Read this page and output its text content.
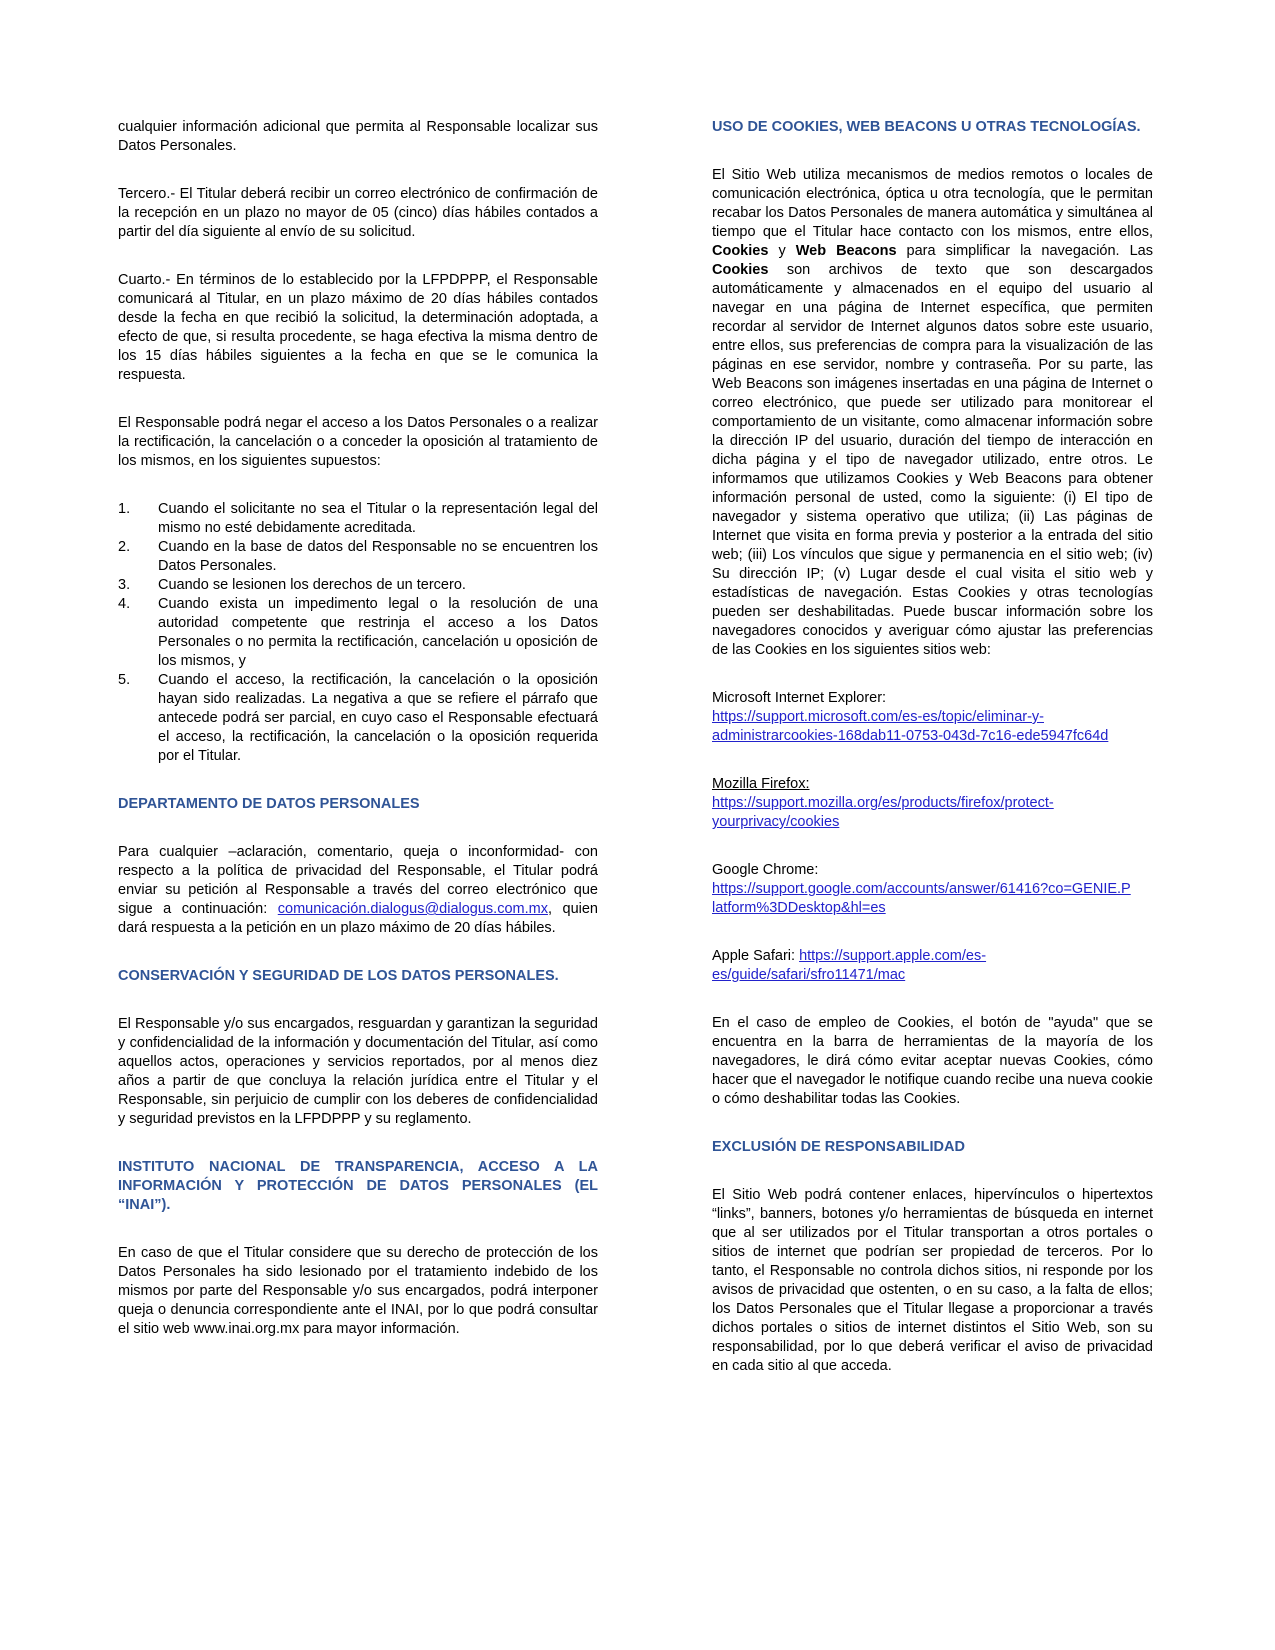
cualquier información adicional que permita al Responsable localizar sus Datos Personales.

Tercero.- El Titular deberá recibir un correo electrónico de confirmación de la recepción en un plazo no mayor de 05 (cinco) días hábiles contados a partir del día siguiente al envío de su solicitud.

Cuarto.- En términos de lo establecido por la LFPDPPP, el Responsable comunicará al Titular, en un plazo máximo de 20 días hábiles contados desde la fecha en que recibió la solicitud, la determinación adoptada, a efecto de que, si resulta procedente, se haga efectiva la misma dentro de los 15 días hábiles siguientes a la fecha en que se le comunica la respuesta.

El Responsable podrá negar el acceso a los Datos Personales o a realizar la rectificación, la cancelación o a conceder la oposición al tratamiento de los mismos, en los siguientes supuestos:

1. Cuando el solicitante no sea el Titular o la representación legal del mismo no esté debidamente acreditada.
2. Cuando en la base de datos del Responsable no se encuentren los Datos Personales.
3. Cuando se lesionen los derechos de un tercero.
4. Cuando exista un impedimento legal o la resolución de una autoridad competente que restrinja el acceso a los Datos Personales o no permita la rectificación, cancelación u oposición de los mismos, y
5. Cuando el acceso, la rectificación, la cancelación o la oposición hayan sido realizadas. La negativa a que se refiere el párrafo que antecede podrá ser parcial, en cuyo caso el Responsable efectuará el acceso, la rectificación, la cancelación o la oposición requerida por el Titular.
DEPARTAMENTO DE DATOS PERSONALES

Para cualquier –aclaración, comentario, queja o inconformidad- con respecto a la política de privacidad del Responsable, el Titular podrá enviar su petición al Responsable a través del correo electrónico que sigue a continuación: comunicación.dialogus@dialogus.com.mx, quien dará respuesta a la petición en un plazo máximo de 20 días hábiles.

CONSERVACIÓN Y SEGURIDAD DE LOS DATOS PERSONALES.

El Responsable y/o sus encargados, resguardan y garantizan la seguridad y confidencialidad de la información y documentación del Titular, así como aquellos actos, operaciones y servicios reportados, por al menos diez años a partir de que concluya la relación jurídica entre el Titular y el Responsable, sin perjuicio de cumplir con los deberes de confidencialidad y seguridad previstos en la LFPDPPP y su reglamento.

INSTITUTO NACIONAL DE TRANSPARENCIA, ACCESO A LA INFORMACIÓN Y PROTECCIÓN DE DATOS PERSONALES (EL “INAI”).

En caso de que el Titular considere que su derecho de protección de los Datos Personales ha sido lesionado por el tratamiento indebido de los mismos por parte del Responsable y/o sus encargados, podrá interponer queja o denuncia correspondiente ante el INAI, por lo que podrá consultar el sitio web www.inai.org.mx para mayor información.

USO DE COOKIES, WEB BEACONS U OTRAS TECNOLOGÍAS.

El Sitio Web utiliza mecanismos de medios remotos o locales de comunicación electrónica, óptica u otra tecnología, que le permitan recabar los Datos Personales de manera automática y simultánea al tiempo que el Titular hace contacto con los mismos, entre ellos, Cookies y Web Beacons para simplificar la navegación. Las Cookies son archivos de texto que son descargados automáticamente y almacenados en el equipo del usuario al navegar en una página de Internet específica, que permiten recordar al servidor de Internet algunos datos sobre este usuario, entre ellos, sus preferencias de compra para la visualización de las páginas en ese servidor, nombre y contraseña. Por su parte, las Web Beacons son imágenes insertadas en una página de Internet o correo electrónico, que puede ser utilizado para monitorear el comportamiento de un visitante, como almacenar información sobre la dirección IP del usuario, duración del tiempo de interacción en dicha página y el tipo de navegador utilizado, entre otros. Le informamos que utilizamos Cookies y Web Beacons para obtener información personal de usted, como la siguiente: (i) El tipo de navegador y sistema operativo que utiliza; (ii) Las páginas de Internet que visita en forma previa y posterior a la entrada del sitio web; (iii) Los vínculos que sigue y permanencia en el sitio web; (iv) Su dirección IP; (v) Lugar desde el cual visita el sitio web y estadísticas de navegación. Estas Cookies y otras tecnologías pueden ser deshabilitadas. Puede buscar información sobre los navegadores conocidos y averiguar cómo ajustar las preferencias de las Cookies en los siguientes sitios web:

Microsoft Internet Explorer:
https://support.microsoft.com/es-es/topic/eliminar-y-administrarcookies-168dab11-0753-043d-7c16-ede5947fc64d

Mozilla Firefox:
https://support.mozilla.org/es/products/firefox/protect-yourprivacy/cookies

Google Chrome:
https://support.google.com/accounts/answer/61416?co=GENIE.P latform%3DDesktop&hl=es

Apple Safari: https://support.apple.com/es-es/guide/safari/sfro11471/mac

En el caso de empleo de Cookies, el botón de "ayuda" que se encuentra en la barra de herramientas de la mayoría de los navegadores, le dirá cómo evitar aceptar nuevas Cookies, cómo hacer que el navegador le notifique cuando recibe una nueva cookie o cómo deshabilitar todas las Cookies.

EXCLUSIÓN DE RESPONSABILIDAD

El Sitio Web podrá contener enlaces, hipervínculos o hipertextos “links”, banners, botones y/o herramientas de búsqueda en internet que al ser utilizados por el Titular transportan a otros portales o sitios de internet que podrían ser propiedad de terceros. Por lo tanto, el Responsable no controla dichos sitios, ni responde por los avisos de privacidad que ostenten, o en su caso, a la falta de ellos; los Datos Personales que el Titular llegase a proporcionar a través dichos portales o sitios de internet distintos el Sitio Web, son su responsabilidad, por lo que deberá verificar el aviso de privacidad en cada sitio al que acceda.
